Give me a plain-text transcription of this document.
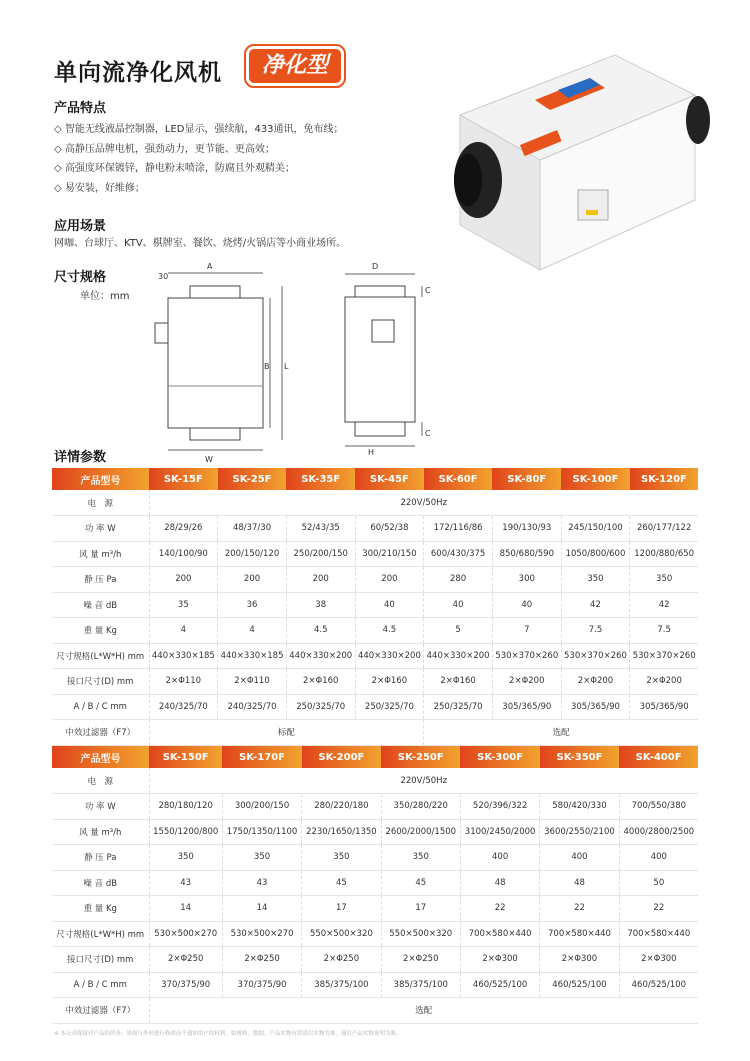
单向流净化风机	净化型
产品特点
◇ 智能无线液晶控制器，LED显示，强续航，433通讯，免布线；
◇ 高静压品牌电机，强劲动力，更节能、更高效；
◇ 高强度环保镀锌，静电粉末喷涂，防腐且外观精美；
◇ 易安装，好维修；
应用场景
网咖、台球厅、KTV、棋牌室、餐饮、烧烤/火锅店等小商业场所。
尺寸规格
单位：mm
A
30
B L
W
D
C
C
H
详情参数
产品型号	SK-15F	SK-25F	SK-35F	SK-45F	SK-60F	SK-80F	SK-100F	SK-120F
电　源	220V/50Hz							
功 率 W	28/29/26	48/37/30	52/43/35	60/52/38	172/116/86	190/130/93	245/150/100	260/177/122
风 量 m³/h	140/100/90	200/150/120	250/200/150	300/210/150	600/430/375	850/680/590	1050/800/600	1200/880/650
静 压 Pa	200	200	200	200	280	300	350	350
噪 音 dB	35	36	38	40	40	40	42	42
重 量 Kg	4	4	4.5	4.5	5	7	7.5	7.5
尺寸规格(L*W*H) mm	440×330×185	440×330×185	440×330×200	440×330×200	440×330×200	530×370×260	530×370×260	530×370×260
接口尺寸(D) mm	2×Φ110	2×Φ110	2×Φ160	2×Φ160	2×Φ160	2×Φ200	2×Φ200	2×Φ200
A / B / C mm	240/325/70	240/325/70	250/325/70	250/325/70	250/325/70	305/365/90	305/365/90	305/365/90
中效过滤器（F7）	标配				选配			
产品型号	SK-150F	SK-170F	SK-200F	SK-250F	SK-300F	SK-350F	SK-400F
电　源	220V/50Hz						
功 率 W	280/180/120	300/200/150	280/220/180	350/280/220	520/396/322	580/420/330	700/550/380
风 量 m³/h	1550/1200/800	1750/1350/1100	2230/1650/1350	2600/2000/1500	3100/2450/2000	3600/2550/2100	4000/2800/2500
静 压 Pa	350	350	350	350	400	400	400
噪 音 dB	43	43	45	45	48	48	50
重 量 Kg	14	14	17	17	22	22	22
尺寸规格(L*W*H) mm	530×500×270	530×500×270	550×500×320	550×500×320	700×580×440	700×580×440	700×580×440
接口尺寸(D) mm	2×Φ250	2×Φ250	2×Φ250	2×Φ250	2×Φ300	2×Φ300	2×Φ300
A / B / C mm	370/375/90	370/375/90	385/375/100	385/375/100	460/525/100	460/525/100	460/525/100
中效过滤器（F7）	选配						
※ 本公司保留对产品的改善、界面与外形进行修改而不通知用户的权利。如规格、数据、产品实物有误请以实物为准，谨以产品实物说明为准。
